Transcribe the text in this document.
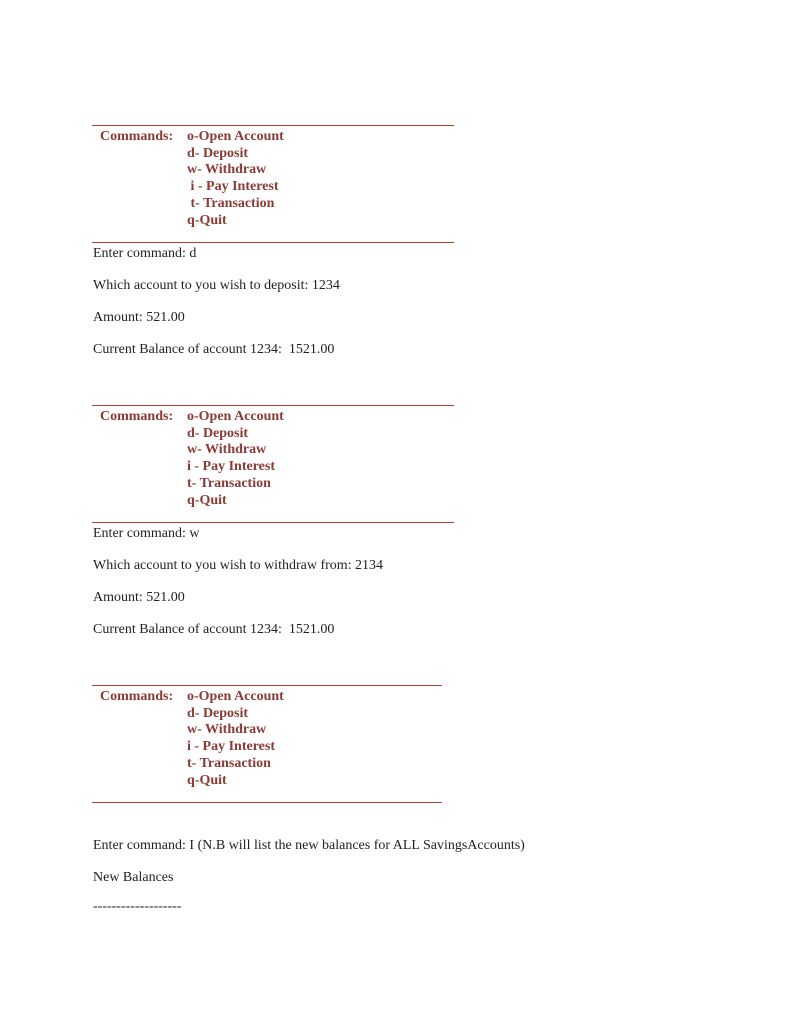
Commands: o-Open Account
d- Deposit
w- Withdraw
i - Pay Interest
t- Transaction
q-Quit
Enter command: d
Which account to you wish to deposit: 1234
Amount: 521.00
Current Balance of account 1234:  1521.00
Commands: o-Open Account
d- Deposit
w- Withdraw
i - Pay Interest
t- Transaction
q-Quit
Enter command: w
Which account to you wish to withdraw from: 2134
Amount: 521.00
Current Balance of account 1234:  1521.00
Commands: o-Open Account
d- Deposit
w- Withdraw
i - Pay Interest
t- Transaction
q-Quit
Enter command: I (N.B will list the new balances for ALL SavingsAccounts)
New Balances
-------------------
